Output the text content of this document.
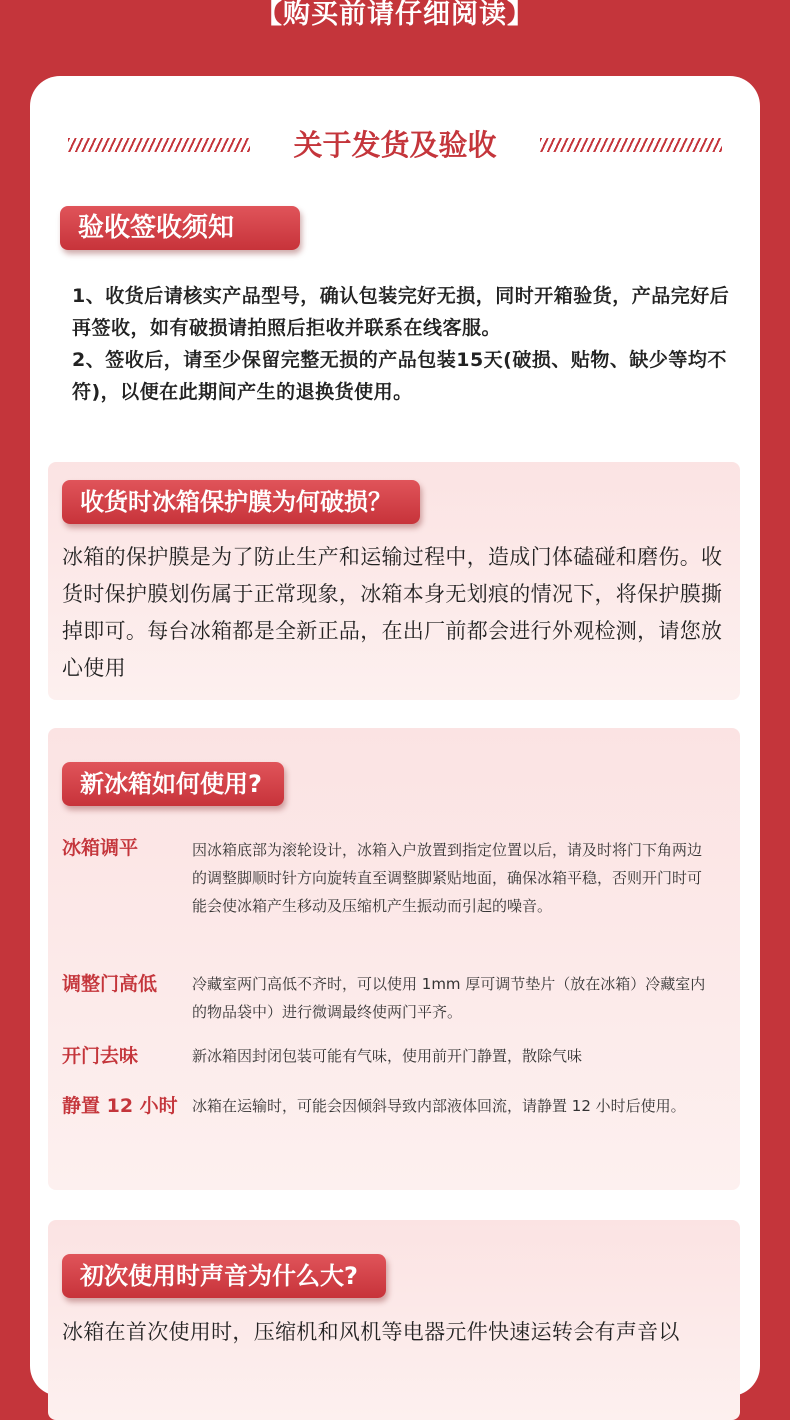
【购买前请仔细阅读】
关于发货及验收
验收签收须知
1、收货后请核实产品型号，确认包装完好无损，同时开箱验货，产品完好后再签收，如有破损请拍照后拒收并联系在线客服。
2、签收后，请至少保留完整无损的产品包装15天(破损、贴物、缺少等均不符)，以便在此期间产生的退换货使用。
收货时冰箱保护膜为何破损？
冰箱的保护膜是为了防止生产和运输过程中，造成门体磕碰和磨伤。收货时保护膜划伤属于正常现象，冰箱本身无划痕的情况下，将保护膜撕掉即可。每台冰箱都是全新正品，在出厂前都会进行外观检测，请您放心使用
新冰箱如何使用?
冰箱调平	因冰箱底部为滚轮设计，冰箱入户放置到指定位置以后，请及时将门下角两边的调整脚顺时针方向旋转直至调整脚紧贴地面，确保冰箱平稳，否则开门时可能会使冰箱产生移动及压缩机产生振动而引起的噪音。
调整门高低 冷藏室两门高低不齐时，可以使用 1mm 厚可调节垫片（放在冰箱）冷藏室内的物品袋中）进行微调最终使两门平齐。
开门去味	新冰箱因封闭包装可能有气味，使用前开门静置，散除气味
静置 12 小时 冰箱在运输时，可能会因倾斜导致内部液体回流，请静置 12 小时后使用。
初次使用时声音为什么大?
冰箱在首次使用时，压缩机和风机等电器元件快速运转会有声音以
